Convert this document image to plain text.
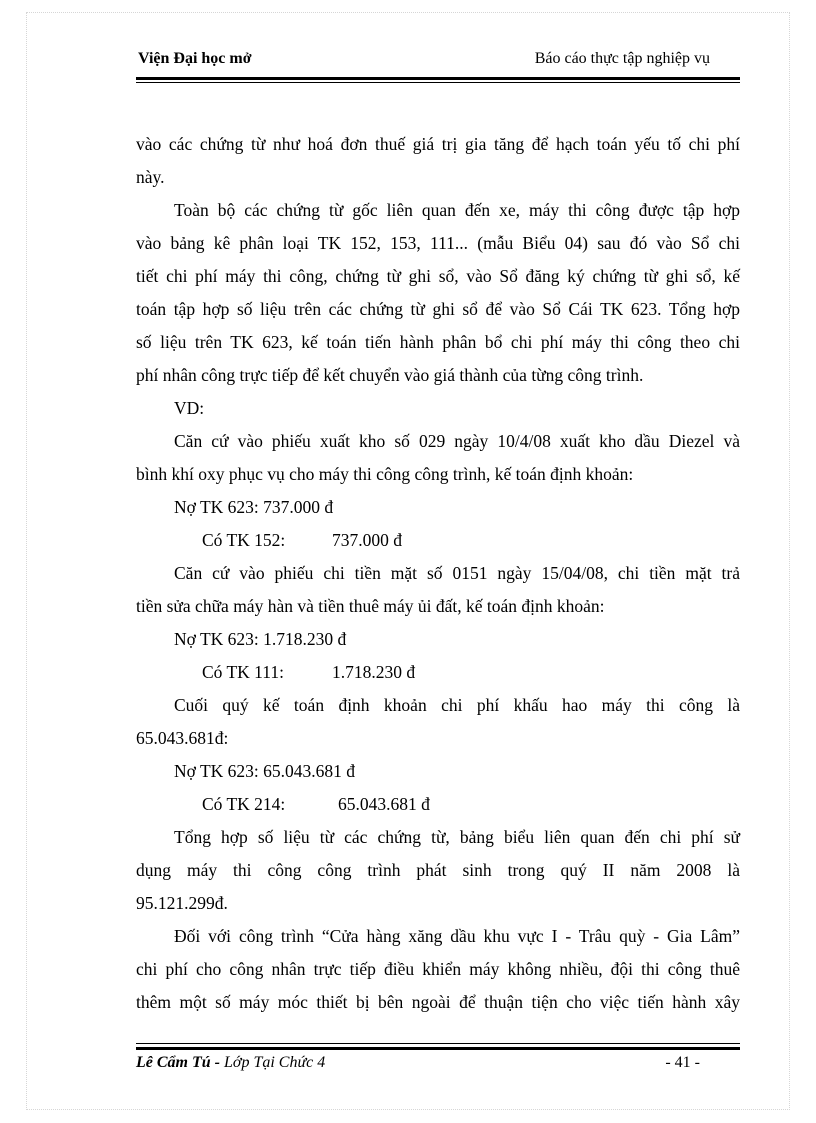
Viện Đại học mở	Báo cáo thực tập nghiệp vụ
vào các chứng từ như hoá đơn thuế giá trị gia tăng để hạch toán yếu tố chi phí
này.
Toàn bộ các chứng từ gốc liên quan đến xe, máy thi công được tập hợp
vào bảng kê phân loại TK 152, 153, 111... (mẫu Biểu 04) sau đó vào Sổ chi
tiết chi phí máy thi công, chứng từ ghi sổ, vào Sổ đăng ký chứng từ ghi sổ, kế
toán tập hợp số liệu trên các chứng từ ghi sổ để vào Sổ Cái TK 623. Tổng hợp
số liệu trên TK 623, kế toán tiến hành phân bổ chi phí máy thi công theo chi
phí nhân công trực tiếp để kết chuyển vào giá thành của từng công trình.
VD:
Căn cứ vào phiếu xuất kho số 029 ngày 10/4/08 xuất kho dầu Diezel và
bình khí oxy phục vụ cho máy thi công công trình, kế toán định khoản:
Nợ TK 623: 737.000 đ
Có TK 152:	737.000 đ
Căn cứ vào phiếu chi tiền mặt số 0151 ngày 15/04/08, chi tiền mặt trả
tiền sửa chữa máy hàn và tiền thuê máy ủi đất, kế toán định khoản:
Nợ TK 623: 1.718.230 đ
Có TK 111:	1.718.230 đ
Cuối quý kế toán định khoản chi phí khấu hao máy thi công là
65.043.681đ:
Nợ TK 623: 65.043.681 đ
Có TK 214:	65.043.681 đ
Tổng hợp số liệu từ các chứng từ, bảng biểu liên quan đến chi phí sử
dụng máy thi công công trình phát sinh trong quý II năm 2008 là
95.121.299đ.
Đối với công trình “Cửa hàng xăng dầu khu vực I - Trâu quỳ - Gia Lâm”
chi phí cho công nhân trực tiếp điều khiển máy không nhiều, đội thi công thuê
thêm một số máy móc thiết bị bên ngoài để thuận tiện cho việc tiến hành xây
Lê Cẩm Tú - Lớp Tại Chức 4	- 41 -
